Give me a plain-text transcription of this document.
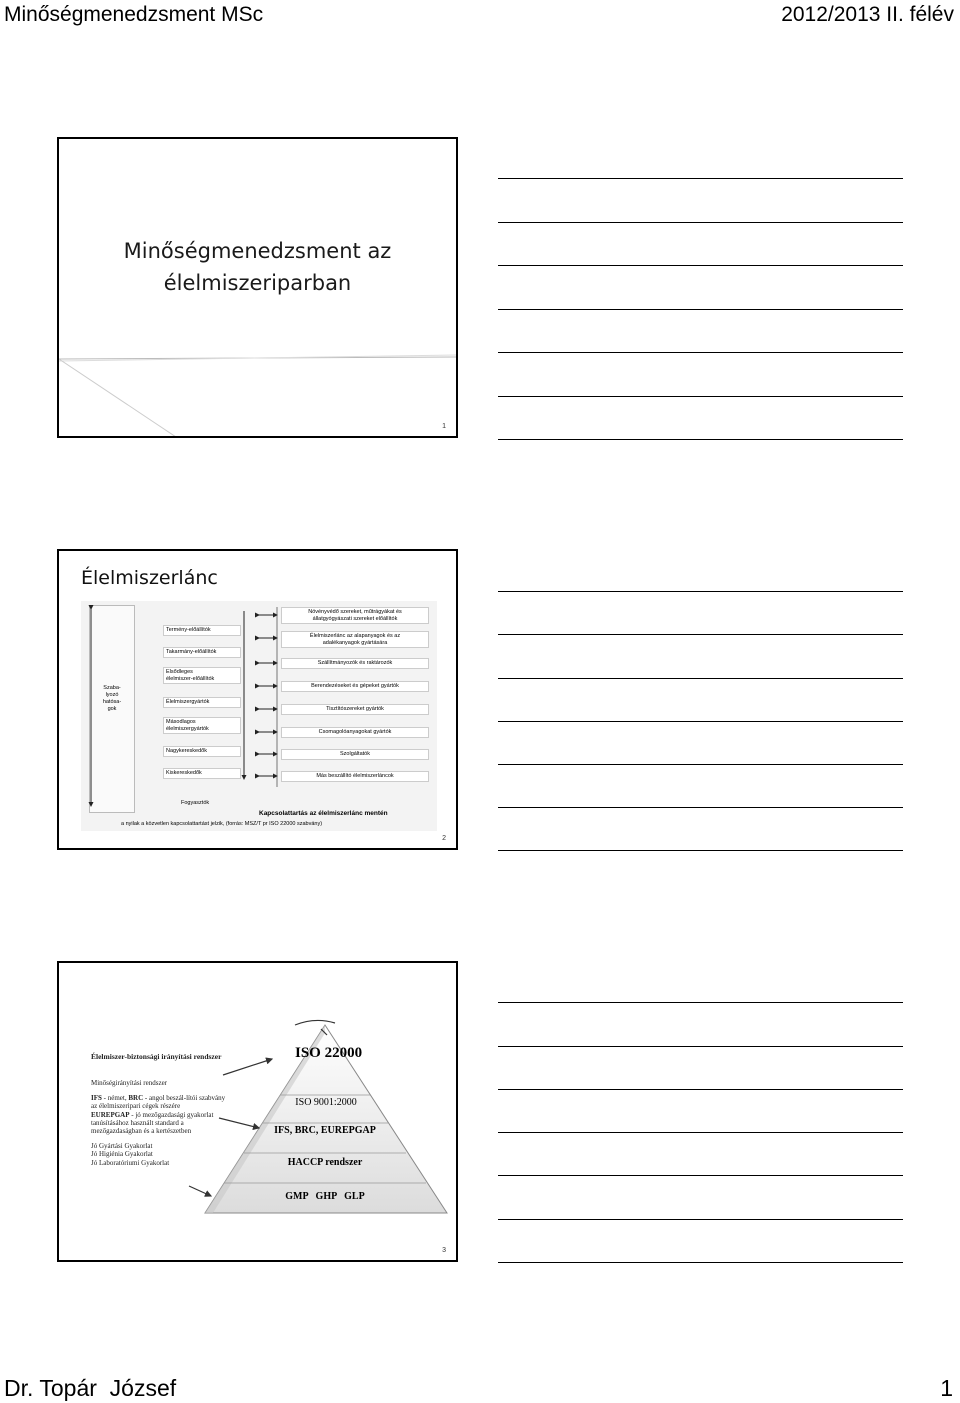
Minőségmenedzsment MSc	2012/2013 II. félév
Minőségmenedzsment az
élelmiszeriparban
1
Élelmiszerlánc
Szaba-
lyozó
hatósa-
gok
Termény-előállítók
Takarmány-előállítók
Elsődleges
élelmiszer-előállítók
Élelmiszergyártók
Másodlagos
élelmiszergyártók
Nagykereskedők
Kiskereskedők
Növényvédő szereket, műtrágyákat és
állatgyógyászati szereket előállítók
Élelmiszerlánc az alapanyagok és az
adalékanyagok gyártására
Szállítmányozók és raktározók
Berendezéseket és gépeket gyártók
Tisztítószereket gyártók
Csomagolóanyagokat gyártók
Szolgáltatók
Más beszállító élelmiszerláncok
Fogyasztók
Kapcsolattartás az élelmiszerlánc mentén
a nyilak a közvetlen kapcsolattartást jelzik, (forrás: MSZ/T pr ISO 22000 szabvány)
2
ISO 22000
ISO 9001:2000
IFS, BRC, EUREPGAP
HACCP rendszer
GMP   GHP   GLP

Élelmiszer-biztonsági irányítási rendszer

Minőségirányítási rendszer

IFS - német, BRC - angol beszál-lítói szabvány az élelmiszeripari cégek részére
EUREPGAP - jó mezőgazdasági gyakorlat tanúsításához használt standard a mezőgazdaságban és a kertészetben

Jó Gyártási Gyakorlat
Jó Higiénia Gyakorlat
Jó Laboratóriumi Gyakorlat
3
Dr. Topár  József	1
